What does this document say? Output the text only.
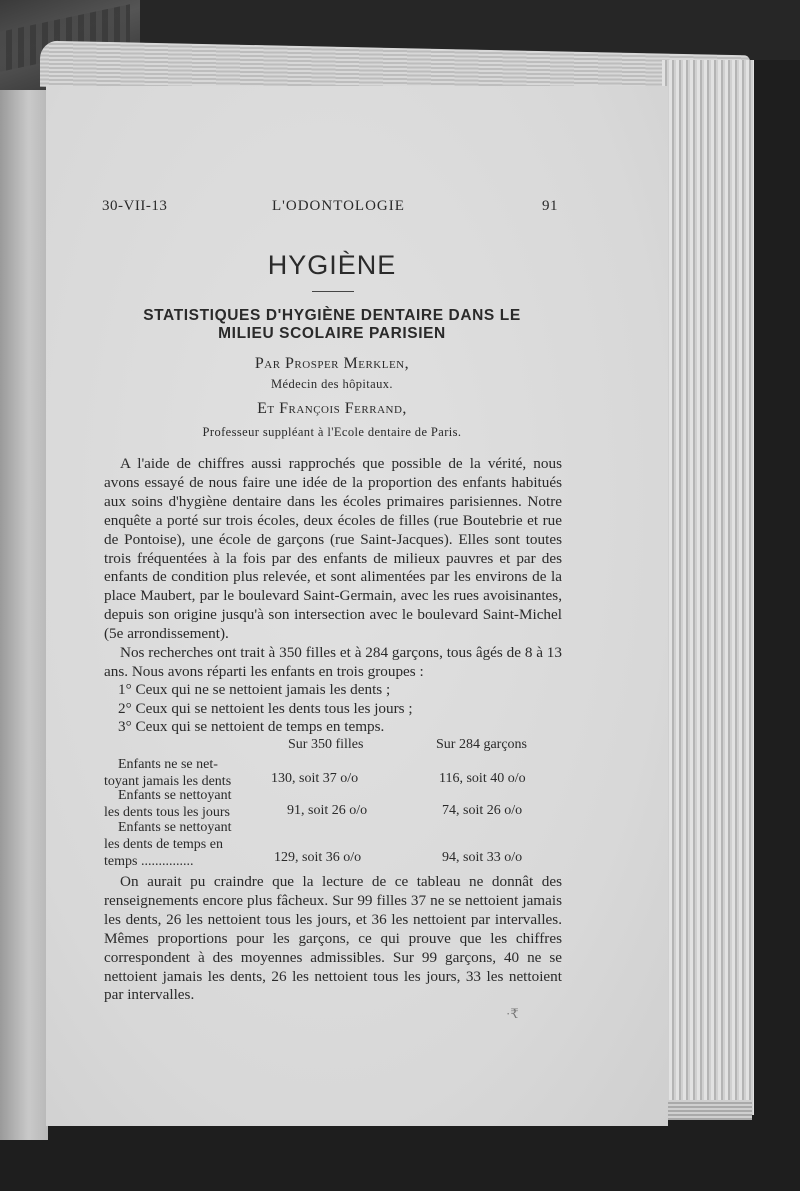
30-VII-13	L'ODONTOLOGIE	91
HYGIÈNE
STATISTIQUES D'HYGIÈNE DENTAIRE DANS LE
MILIEU SCOLAIRE PARISIEN
Par Prosper Merklen,
Médecin des hôpitaux.
Et François Ferrand,
Professeur suppléant à l'Ecole dentaire de Paris.

A l'aide de chiffres aussi rapprochés que possible de la vérité, nous avons essayé de nous faire une idée de la proportion des enfants habitués aux soins d'hygiène dentaire dans les écoles primaires parisiennes. Notre enquête a porté sur trois écoles, deux écoles de filles (rue Boutebrie et rue de Pontoise), une école de garçons (rue Saint-Jacques). Elles sont toutes trois fréquentées à la fois par des enfants de milieux pauvres et par des enfants de condition plus relevée, et sont alimentées par les environs de la place Maubert, par le boulevard Saint-Germain, avec les rues avoisinantes, depuis son origine jusqu'à son intersection avec le boulevard Saint-Michel (5e arrondissement).

Nos recherches ont trait à 350 filles et à 284 garçons, tous âgés de 8 à 13 ans. Nous avons réparti les enfants en trois groupes :

1° Ceux qui ne se nettoient jamais les dents ;
2° Ceux qui se nettoient les dents tous les jours ;
3° Ceux qui se nettoient de temps en temps.
Sur 350 filles	Sur 284 garçons
Enfants ne se net-
toyant jamais les dents	130, soit 37 o/o	116, soit 40 o/o
Enfants se nettoyant
les dents tous les jours	91, soit 26 o/o	74, soit 26 o/o
Enfants se nettoyant
les dents de temps en
temps ...............	129, soit 36 o/o	94, soit 33 o/o

On aurait pu craindre que la lecture de ce tableau ne donnât des renseignements encore plus fâcheux. Sur 99 filles 37 ne se nettoient jamais les dents, 26 les nettoient tous les jours, et 36 les nettoient par intervalles. Mêmes proportions pour les garçons, ce qui prouve que les chiffres correspondent à des moyennes admissibles. Sur 99 garçons, 40 ne se nettoient jamais les dents, 26 les nettoient tous les jours, 33 les nettoient par intervalles.

·₹
